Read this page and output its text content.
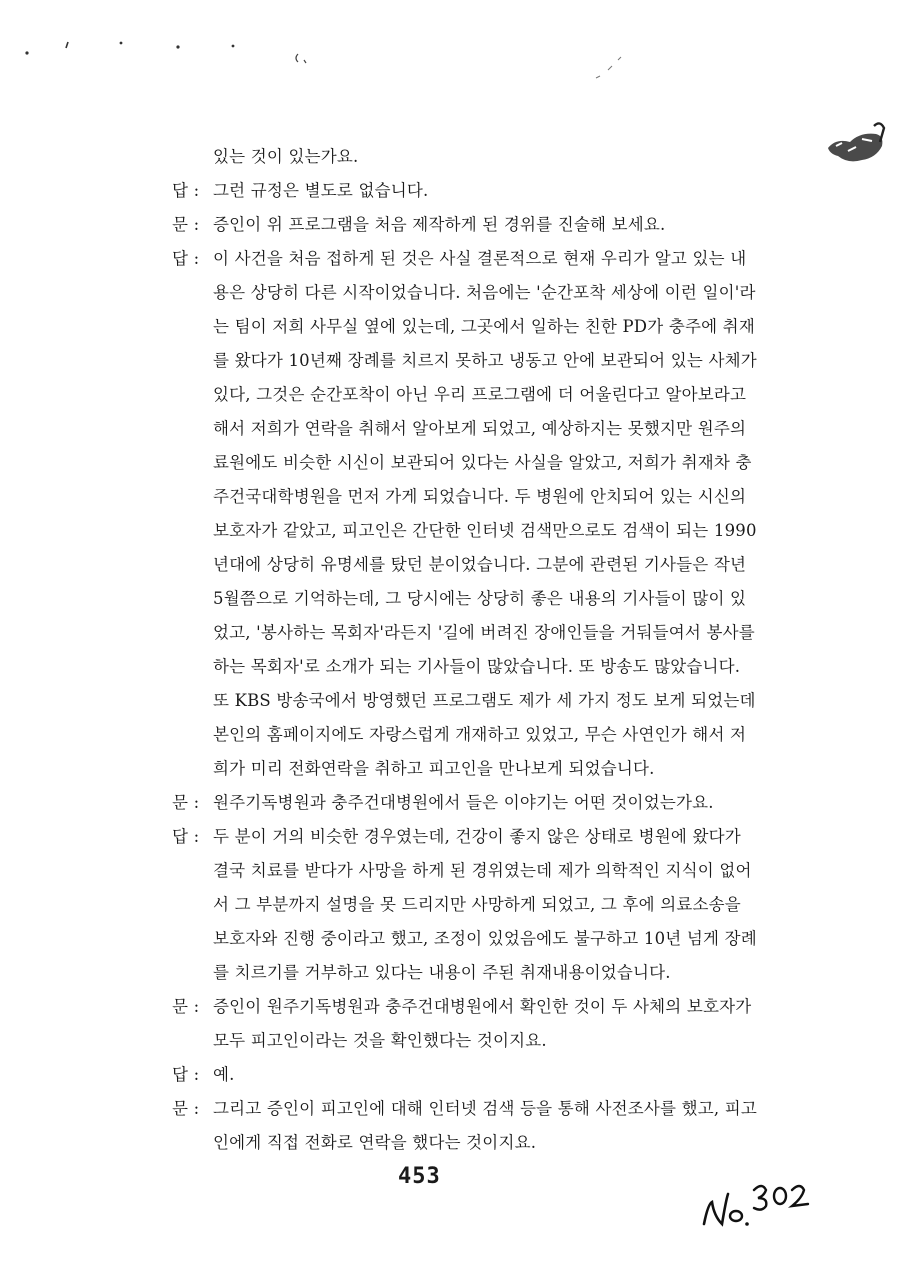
있는 것이 있는가요.
답 : 그런 규정은 별도로 없습니다.
문 : 증인이 위 프로그램을 처음 제작하게 된 경위를 진술해 보세요.
답 : 이 사건을 처음 접하게 된 것은 사실 결론적으로 현재 우리가 알고 있는 내
용은 상당히 다른 시작이었습니다. 처음에는 '순간포착 세상에 이런 일이'라
는 팀이 저희 사무실 옆에 있는데, 그곳에서 일하는 친한 PD가 충주에 취재
를 왔다가 10년째 장례를 치르지 못하고 냉동고 안에 보관되어 있는 사체가
있다, 그것은 순간포착이 아닌 우리 프로그램에 더 어울린다고 알아보라고
해서 저희가 연락을 취해서 알아보게 되었고, 예상하지는 못했지만 원주의
료원에도 비슷한 시신이 보관되어 있다는 사실을 알았고, 저희가 취재차 충
주건국대학병원을 먼저 가게 되었습니다. 두 병원에 안치되어 있는 시신의
보호자가 같았고, 피고인은 간단한 인터넷 검색만으로도 검색이 되는 1990
년대에 상당히 유명세를 탔던 분이었습니다. 그분에 관련된 기사들은 작년
5월쯤으로 기억하는데, 그 당시에는 상당히 좋은 내용의 기사들이 많이 있
었고, '봉사하는 목회자'라든지 '길에 버려진 장애인들을 거둬들여서 봉사를
하는 목회자'로 소개가 되는 기사들이 많았습니다. 또 방송도 많았습니다.
또 KBS 방송국에서 방영했던 프로그램도 제가 세 가지 정도 보게 되었는데
본인의 홈페이지에도 자랑스럽게 개재하고 있었고, 무슨 사연인가 해서 저
희가 미리 전화연락을 취하고 피고인을 만나보게 되었습니다.
문 : 원주기독병원과 충주건대병원에서 들은 이야기는 어떤 것이었는가요.
답 : 두 분이 거의 비슷한 경우였는데, 건강이 좋지 않은 상태로 병원에 왔다가
결국 치료를 받다가 사망을 하게 된 경위였는데 제가 의학적인 지식이 없어
서 그 부분까지 설명을 못 드리지만 사망하게 되었고, 그 후에 의료소송을
보호자와 진행 중이라고 했고, 조정이 있었음에도 불구하고 10년 넘게 장례
를 치르기를 거부하고 있다는 내용이 주된 취재내용이었습니다.
문 : 증인이 원주기독병원과 충주건대병원에서 확인한 것이 두 사체의 보호자가
모두 피고인이라는 것을 확인했다는 것이지요.
답 : 예.
문 : 그리고 증인이 피고인에 대해 인터넷 검색 등을 통해 사전조사를 했고, 피고
인에게 직접 전화로 연락을 했다는 것이지요.
453
